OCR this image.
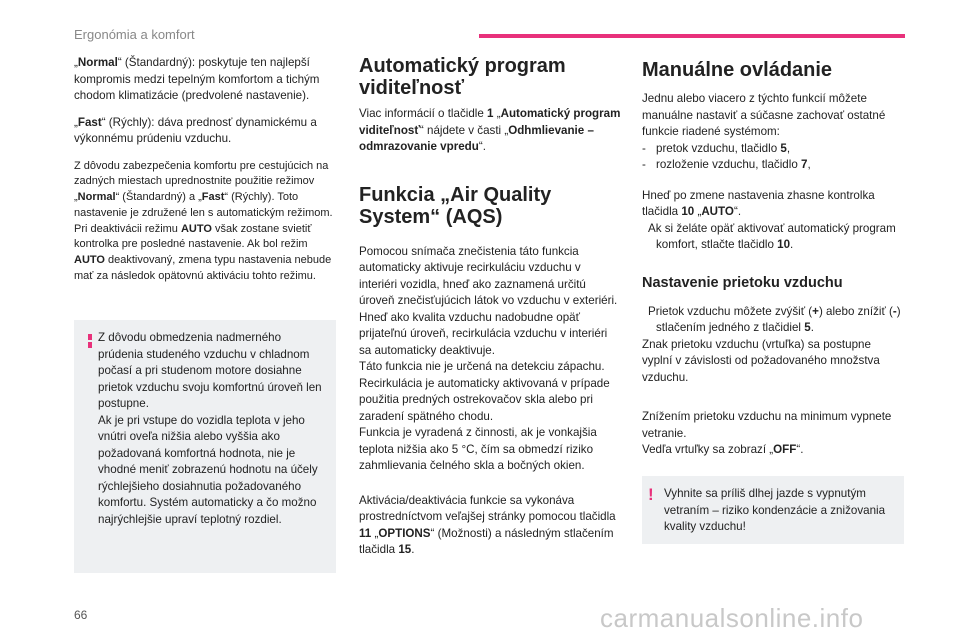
Ergonómia a komfort

„Normal“ (Štandardný): poskytuje ten najlepší kompromis medzi tepelným komfortom a tichým chodom klimatizácie (predvolené nastavenie).

„Fast“ (Rýchly): dáva prednosť dynamickému a výkonnému prúdeniu vzduchu.

Z dôvodu zabezpečenia komfortu pre cestujúcich na zadných miestach uprednostnite použitie režimov „Normal“ (Štandardný) a „Fast“ (Rýchly). Toto nastavenie je združené len s automatickým režimom. Pri deaktivácii režimu AUTO však zostane svietiť kontrolka pre posledné nastavenie. Ak bol režim AUTO deaktivovaný, zmena typu nastavenia nebude mať za následok opätovnú aktiváciu tohto režimu.

Z dôvodu obmedzenia nadmerného prúdenia studeného vzduchu v chladnom počasí a pri studenom motore dosiahne prietok vzduchu svoju komfortnú úroveň len postupne.
Ak je pri vstupe do vozidla teplota v jeho vnútri oveľa nižšia alebo vyššia ako požadovaná komfortná hodnota, nie je vhodné meniť zobrazenú hodnotu na účely rýchlejšieho dosiahnutia požadovaného komfortu. Systém automaticky a čo možno najrýchlejšie upraví teplotný rozdiel.
Automatický program viditeľnosť

Viac informácií o tlačidle 1 „Automatický program viditeľnosť“ nájdete v časti „Odhmlievanie – odmrazovanie vpredu“.

Funkcia „Air Quality System“ (AQS)

Pomocou snímača znečistenia táto funkcia automaticky aktivuje recirkuláciu vzduchu v interiéri vozidla, hneď ako zaznamená určitú úroveň znečisťujúcich látok vo vzduchu v exteriéri.
Hneď ako kvalita vzduchu nadobudne opäť prijateľnú úroveň, recirkulácia vzduchu v interiéri sa automaticky deaktivuje.
Táto funkcia nie je určená na detekciu zápachu.
Recirkulácia je automaticky aktivovaná v prípade použitia predných ostrekovačov skla alebo pri zaradení spätného chodu.
Funkcia je vyradená z činnosti, ak je vonkajšia teplota nižšia ako 5 °C, čím sa obmedzí riziko zahmlievania čelného skla a bočných okien.

Aktivácia/deaktivácia funkcie sa vykonáva prostredníctvom veľajšej stránky pomocou tlačidla 11 „OPTIONS“ (Možnosti) a následným stlačením tlačidla 15.

Manuálne ovládanie

Jednu alebo viacero z týchto funkcií môžete manuálne nastaviť a súčasne zachovať ostatné funkcie riadené systémom:

- pretok vzduchu, tlačidlo 5,

- rozloženie vzduchu, tlačidlo 7,

Hneď po zmene nastavenia zhasne kontrolka tlačidla 10 „AUTO“.

Ak si želáte opäť aktivovať automatický program komfort, stlačte tlačidlo 10.

Nastavenie prietoku vzduchu

Prietok vzduchu môžete zvýšiť (+) alebo znížiť (-) stlačením jedného z tlačidiel 5.

Znak prietoku vzduchu (vrtuľka) sa postupne vyplní v závislosti od požadovaného množstva vzduchu.

Znížením prietoku vzduchu na minimum vypnete vetranie.
Vedľa vrtuľky sa zobrazí „OFF“.

! Vyhnite sa príliš dlhej jazde s vypnutým vetraním – riziko kondenzácie a znižovania kvality vzduchu!
66	carmanualsonline.info
